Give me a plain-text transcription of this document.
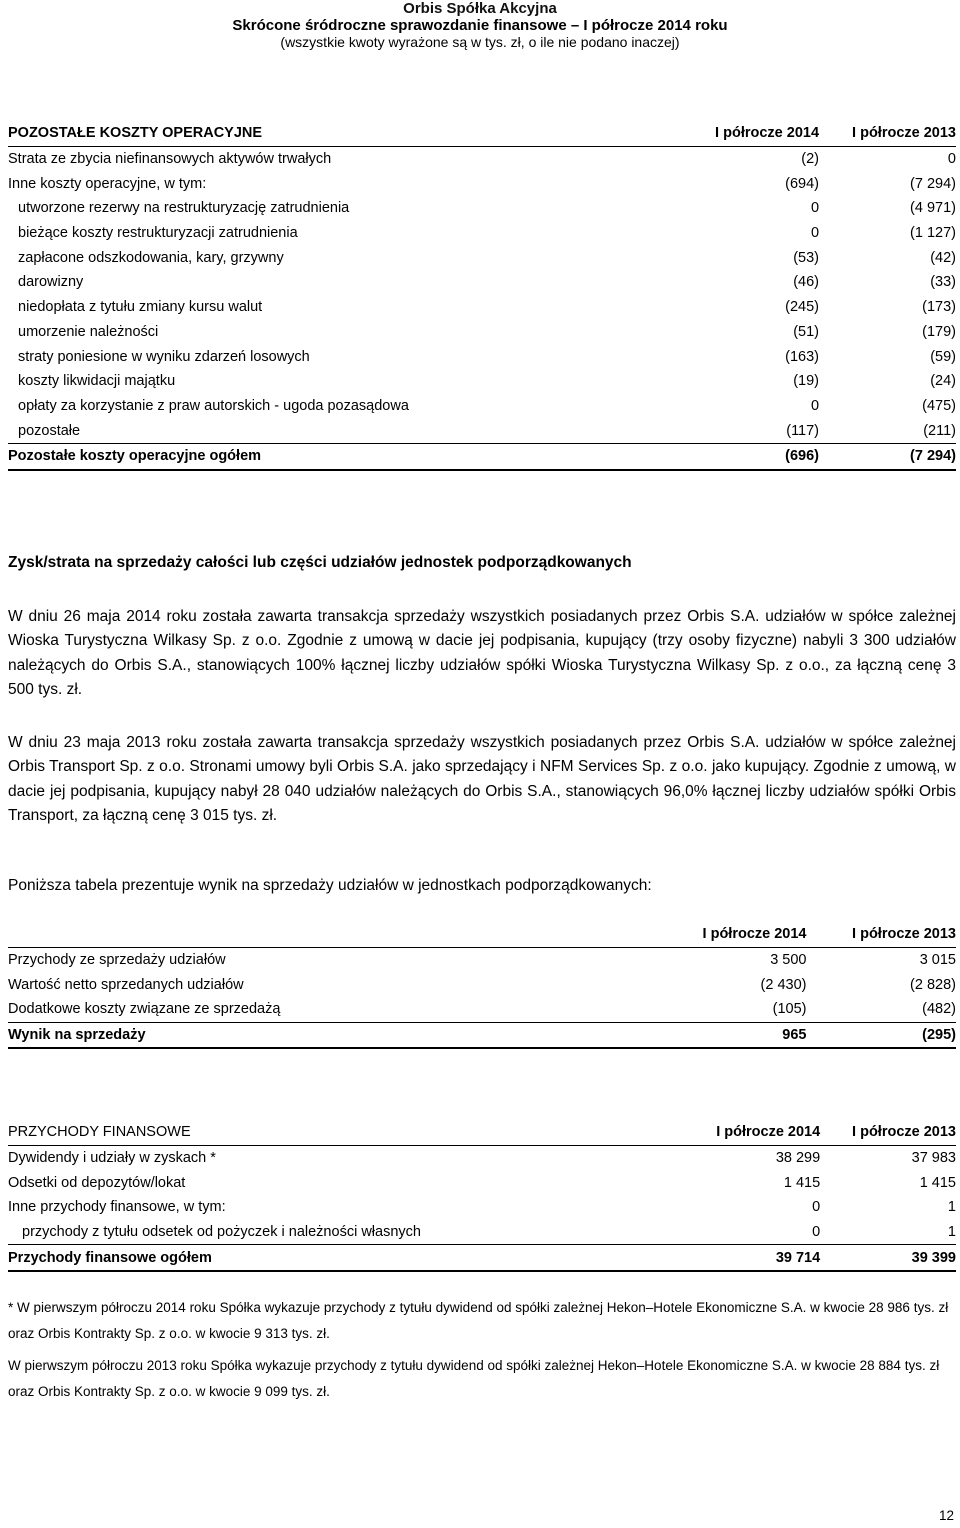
Orbis Spółka Akcyjna
Skrócone śródroczne sprawozdanie finansowe – I półrocze 2014 roku
(wszystkie kwoty wyrażone są w tys. zł, o ile nie podano inaczej)
POZOSTAŁE KOSZTY OPERACYJNE	I półrocze 2014	I półrocze 2013
Strata ze zbycia niefinansowych aktywów trwałych	(2)	0
Inne koszty operacyjne, w tym:	(694)	(7 294)
utworzone rezerwy na restrukturyzację zatrudnienia	0	(4 971)
bieżące koszty restrukturyzacji zatrudnienia	0	(1 127)
zapłacone odszkodowania, kary, grzywny	(53)	(42)
darowizny	(46)	(33)
niedopłata z tytułu zmiany kursu walut	(245)	(173)
umorzenie należności	(51)	(179)
straty poniesione w wyniku zdarzeń losowych	(163)	(59)
koszty likwidacji majątku	(19)	(24)
opłaty za korzystanie z praw autorskich - ugoda pozasądowa	0	(475)
pozostałe	(117)	(211)
Pozostałe koszty operacyjne ogółem	(696)	(7 294)
Zysk/strata na sprzedaży całości lub części udziałów jednostek podporządkowanych
W dniu 26 maja 2014 roku została zawarta transakcja sprzedaży wszystkich posiadanych przez Orbis S.A. udziałów w spółce zależnej Wioska Turystyczna Wilkasy Sp. z o.o. Zgodnie z umową w dacie jej podpisania, kupujący (trzy osoby fizyczne) nabyli 3 300 udziałów należących do Orbis S.A., stanowiących 100% łącznej liczby udziałów spółki Wioska Turystyczna Wilkasy Sp. z o.o., za łączną cenę 3 500 tys. zł.
W dniu 23 maja 2013 roku została zawarta transakcja sprzedaży wszystkich posiadanych przez Orbis S.A. udziałów w spółce zależnej Orbis Transport Sp. z o.o. Stronami umowy byli Orbis S.A. jako sprzedający i NFM Services Sp. z o.o. jako kupujący. Zgodnie z umową, w dacie jej podpisania, kupujący nabył 28 040 udziałów należących do Orbis S.A., stanowiących 96,0% łącznej liczby udziałów spółki Orbis Transport, za łączną cenę 3 015 tys. zł.
Poniższa tabela prezentuje wynik na sprzedaży udziałów w jednostkach podporządkowanych:
	I półrocze 2014	I półrocze 2013
Przychody ze sprzedaży udziałów	3 500	3 015
Wartość netto sprzedanych udziałów	(2 430)	(2 828)
Dodatkowe koszty związane ze sprzedażą	(105)	(482)
Wynik na sprzedaży	965	(295)
PRZYCHODY FINANSOWE	I półrocze 2014	I półrocze 2013
Dywidendy i udziały w zyskach *	38 299	37 983
Odsetki od depozytów/lokat	1 415	1 415
Inne przychody finansowe, w tym:	0	1
przychody z tytułu odsetek od pożyczek i należności własnych	0	1
Przychody finansowe ogółem	39 714	39 399
* W pierwszym półroczu 2014 roku Spółka wykazuje przychody z tytułu dywidend od spółki zależnej Hekon–Hotele Ekonomiczne S.A. w kwocie 28 986 tys. zł oraz Orbis Kontrakty Sp. z o.o. w kwocie 9 313 tys. zł.
W pierwszym półroczu 2013 roku Spółka wykazuje przychody z tytułu dywidend od spółki zależnej Hekon–Hotele Ekonomiczne S.A. w kwocie 28 884 tys. zł oraz Orbis Kontrakty Sp. z o.o. w kwocie 9 099 tys. zł.
12
